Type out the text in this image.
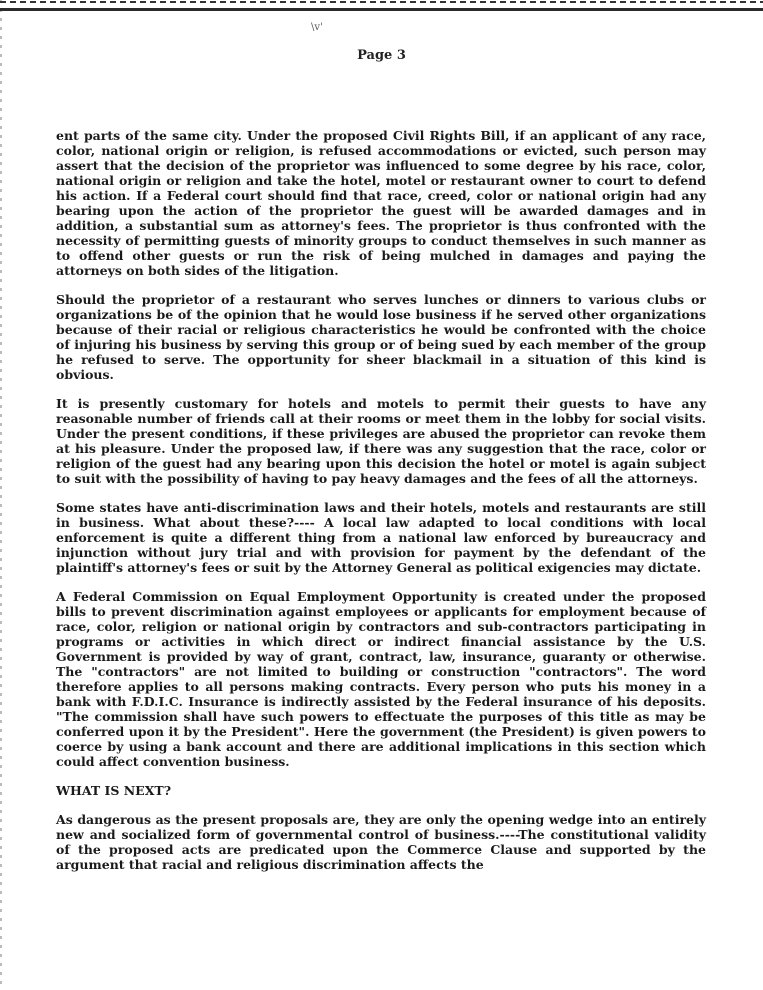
\v'
Page 3

ent parts of the same city. Under the proposed Civil Rights Bill, if an applicant of any race, color, national origin or religion, is refused accommodations or evicted, such person may assert that the decision of the proprietor was influenced to some degree by his race, color, national origin or religion and take the hotel, motel or restaurant owner to court to defend his action. If a Federal court should find that race, creed, color or national origin had any bearing upon the action of the proprietor the guest will be awarded damages and in addition, a substantial sum as attorney's fees. The proprietor is thus confronted with the necessity of permitting guests of minority groups to conduct themselves in such manner as to offend other guests or run the risk of being mulched in damages and paying the attorneys on both sides of the litigation.

Should the proprietor of a restaurant who serves lunches or dinners to various clubs or organizations be of the opinion that he would lose business if he served other organizations because of their racial or religious characteristics he would be confronted with the choice of injuring his business by serving this group or of being sued by each member of the group he refused to serve. The opportunity for sheer blackmail in a situation of this kind is obvious.

It is presently customary for hotels and motels to permit their guests to have any reasonable number of friends call at their rooms or meet them in the lobby for social visits. Under the present conditions, if these privileges are abused the proprietor can revoke them at his pleasure. Under the proposed law, if there was any suggestion that the race, color or religion of the guest had any bearing upon this decision the hotel or motel is again subject to suit with the possibility of having to pay heavy damages and the fees of all the attorneys.

Some states have anti-discrimination laws and their hotels, motels and restaurants are still in business. What about these?---- A local law adapted to local conditions with local enforcement is quite a different thing from a national law enforced by bureaucracy and injunction without jury trial and with provision for payment by the defendant of the plaintiff's attorney's fees or suit by the Attorney General as political exigencies may dictate.

A Federal Commission on Equal Employment Opportunity is created under the proposed bills to prevent discrimination against employees or applicants for employment because of race, color, religion or national origin by contractors and sub-contractors participating in programs or activities in which direct or indirect financial assistance by the U.S. Government is provided by way of grant, contract, law, insurance, guaranty or otherwise. The "contractors" are not limited to building or construction "contractors". The word therefore applies to all persons making contracts. Every person who puts his money in a bank with F.D.I.C. Insurance is indirectly assisted by the Federal insurance of his deposits. "The commission shall have such powers to effectuate the purposes of this title as may be conferred upon it by the President". Here the government (the President) is given powers to coerce by using a bank account and there are additional implications in this section which could affect convention business.

WHAT IS NEXT?

As dangerous as the present proposals are, they are only the opening wedge into an entirely new and socialized form of governmental control of business.----The constitutional validity of the proposed acts are predicated upon the Commerce Clause and supported by the argument that racial and religious discrimination affects the
